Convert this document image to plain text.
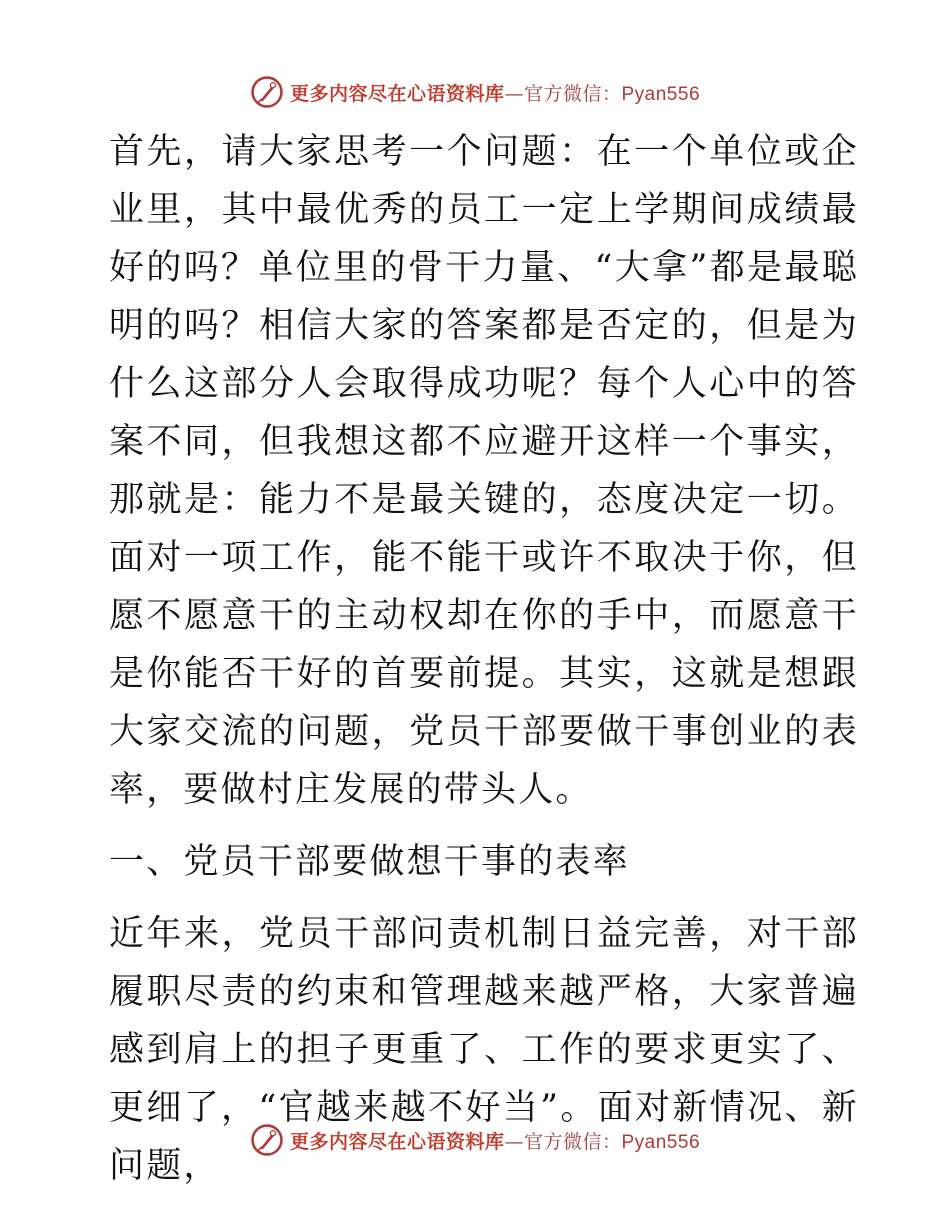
更多内容尽在心语资料库—官方微信：Pyan556

首先，请大家思考一个问题：在一个单位或企业里，其中最优秀的员工一定上学期间成绩最好的吗？单位里的骨干力量、“大拿”都是最聪明的吗？相信大家的答案都是否定的，但是为什么这部分人会取得成功呢？每个人心中的答案不同，但我想这都不应避开这样一个事实，那就是：能力不是最关键的，态度决定一切。面对一项工作，能不能干或许不取决于你，但愿不愿意干的主动权却在你的手中，而愿意干是你能否干好的首要前提。其实，这就是想跟大家交流的问题，党员干部要做干事创业的表率，要做村庄发展的带头人。

一、党员干部要做想干事的表率

近年来，党员干部问责机制日益完善，对干部履职尽责的约束和管理越来越严格，大家普遍感到肩上的担子更重了、工作的要求更实了、更细了，“官越来越不好当”。面对新情况、新问题，

更多内容尽在心语资料库—官方微信：Pyan556
